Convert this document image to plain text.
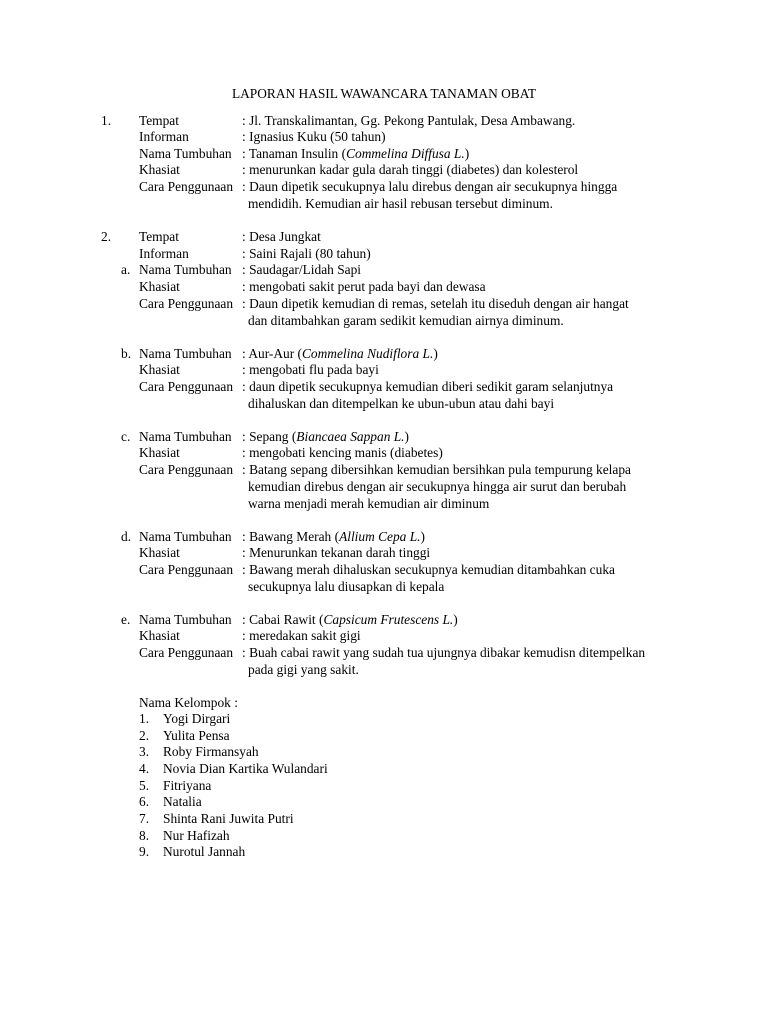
LAPORAN HASIL WAWANCARA TANAMAN OBAT
1. Tempat	: Jl. Transkalimantan, Gg. Pekong Pantulak, Desa Ambawang.
Informan	: Ignasius Kuku (50 tahun)
Nama Tumbuhan : Tanaman Insulin (Commelina Diffusa L.)
Khasiat	: menurunkan kadar gula darah tinggi (diabetes) dan kolesterol
Cara Penggunaan : Daun dipetik secukupnya lalu direbus dengan air secukupnya hingga
mendidih. Kemudian air hasil rebusan tersebut diminum.
2. Tempat	: Desa Jungkat
Informan	: Saini Rajali (80 tahun)
a. Nama Tumbuhan : Saudagar/Lidah Sapi
Khasiat	: mengobati sakit perut pada bayi dan dewasa
Cara Penggunaan : Daun dipetik kemudian di remas, setelah itu diseduh dengan air hangat
dan ditambahkan garam sedikit kemudian airnya diminum.
b. Nama Tumbuhan : Aur-Aur (Commelina Nudiflora L.)
Khasiat	: mengobati flu pada bayi
Cara Penggunaan : daun dipetik secukupnya kemudian diberi sedikit garam selanjutnya
dihaluskan dan ditempelkan ke ubun-ubun atau dahi bayi
c. Nama Tumbuhan : Sepang (Biancaea Sappan L.)
Khasiat	: mengobati kencing manis (diabetes)
Cara Penggunaan : Batang sepang dibersihkan kemudian bersihkan pula tempurung kelapa
kemudian direbus dengan air secukupnya hingga air surut dan berubah
warna menjadi merah kemudian air diminum
d. Nama Tumbuhan : Bawang Merah (Allium Cepa L.)
Khasiat	: Menurunkan tekanan darah tinggi
Cara Penggunaan : Bawang merah dihaluskan secukupnya kemudian ditambahkan cuka
secukupnya lalu diusapkan di kepala
e. Nama Tumbuhan : Cabai Rawit (Capsicum Frutescens L.)
Khasiat	: meredakan sakit gigi
Cara Penggunaan : Buah cabai rawit yang sudah tua ujungnya dibakar kemudisn ditempelkan
pada gigi yang sakit.
Nama Kelompok :
1. Yogi Dirgari
2. Yulita Pensa
3. Roby Firmansyah
4. Novia Dian Kartika Wulandari
5. Fitriyana
6. Natalia
7. Shinta Rani Juwita Putri
8. Nur Hafizah
9. Nurotul Jannah
